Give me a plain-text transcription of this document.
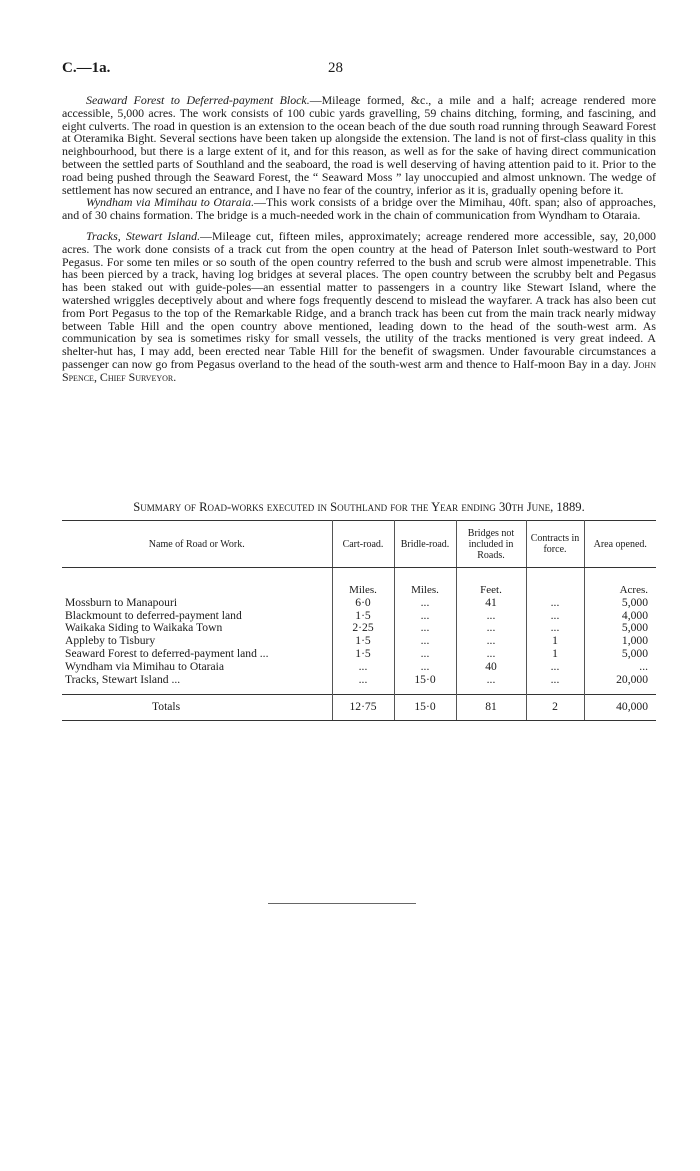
C.—1a.	28

Seaward Forest to Deferred-payment Block.—Mileage formed, &c., a mile and a half; acreage rendered more accessible, 5,000 acres. The work consists of 100 cubic yards gravelling, 59 chains ditching, forming, and fascining, and eight culverts. The road in question is an extension to the ocean beach of the due south road running through Seaward Forest at Oteramika Bight. Several sections have been taken up alongside the extension. The land is not of first-class quality in this neighbourhood, but there is a large extent of it, and for this reason, as well as for the sake of having direct communication between the settled parts of Southland and the seaboard, the road is well deserving of having attention paid to it. Prior to the road being pushed through the Seaward Forest, the “ Seaward Moss ” lay unoccupied and almost unknown. The wedge of settlement has now secured an entrance, and I have no fear of the country, inferior as it is, gradually opening before it.

Wyndham via Mimihau to Otaraia.—This work consists of a bridge over the Mimihau, 40ft. span; also of approaches, and of 30 chains formation. The bridge is a much-needed work in the chain of communication from Wyndham to Otaraia.

Tracks, Stewart Island.—Mileage cut, fifteen miles, approximately; acreage rendered more accessible, say, 20,000 acres. The work done consists of a track cut from the open country at the head of Paterson Inlet south-westward to Port Pegasus. For some ten miles or so south of the open country referred to the bush and scrub were almost impenetrable. This has been pierced by a track, having log bridges at several places. The open country between the scrubby belt and Pegasus has been staked out with guide-poles—an essential matter to passengers in a country like Stewart Island, where the watershed wriggles deceptively about and where fogs frequently descend to mislead the wayfarer. A track has also been cut from Port Pegasus to the top of the Remarkable Ridge, and a branch track has been cut from the main track nearly midway between Table Hill and the open country above mentioned, leading down to the head of the south-west arm. As communication by sea is sometimes risky for small vessels, the utility of the tracks mentioned is very great indeed. A shelter-hut has, I may add, been erected near Table Hill for the benefit of swagsmen. Under favourable circumstances a passenger can now go from Pegasus overland to the head of the south-west arm and thence to Half-moon Bay in a day. John Spence, Chief Surveyor.

Summary of Road-works executed in Southland for the Year ending 30th June, 1889.
Name of Road or Work.	Cart-road.	Bridle-road.	Bridges not included in Roads.	Contracts in force.	Area opened.
	Miles.	Miles.	Feet.		Acres.
Mossburn to Manapouri	6·0	...	41	...	5,000
Blackmount to deferred-payment land	1·5	...	...	...	4,000
Waikaka Siding to Waikaka Town	2·25	...	...	...	5,000
Appleby to Tisbury	1·5	...	...	1	1,000
Seaward Forest to deferred-payment land ...	1·5	...	...	1	5,000
Wyndham via Mimihau to Otaraia	...	...	40	...	...
Tracks, Stewart Island ...	...	15·0	...	...	20,000
Totals	12·75	15·0	81	2	40,000
